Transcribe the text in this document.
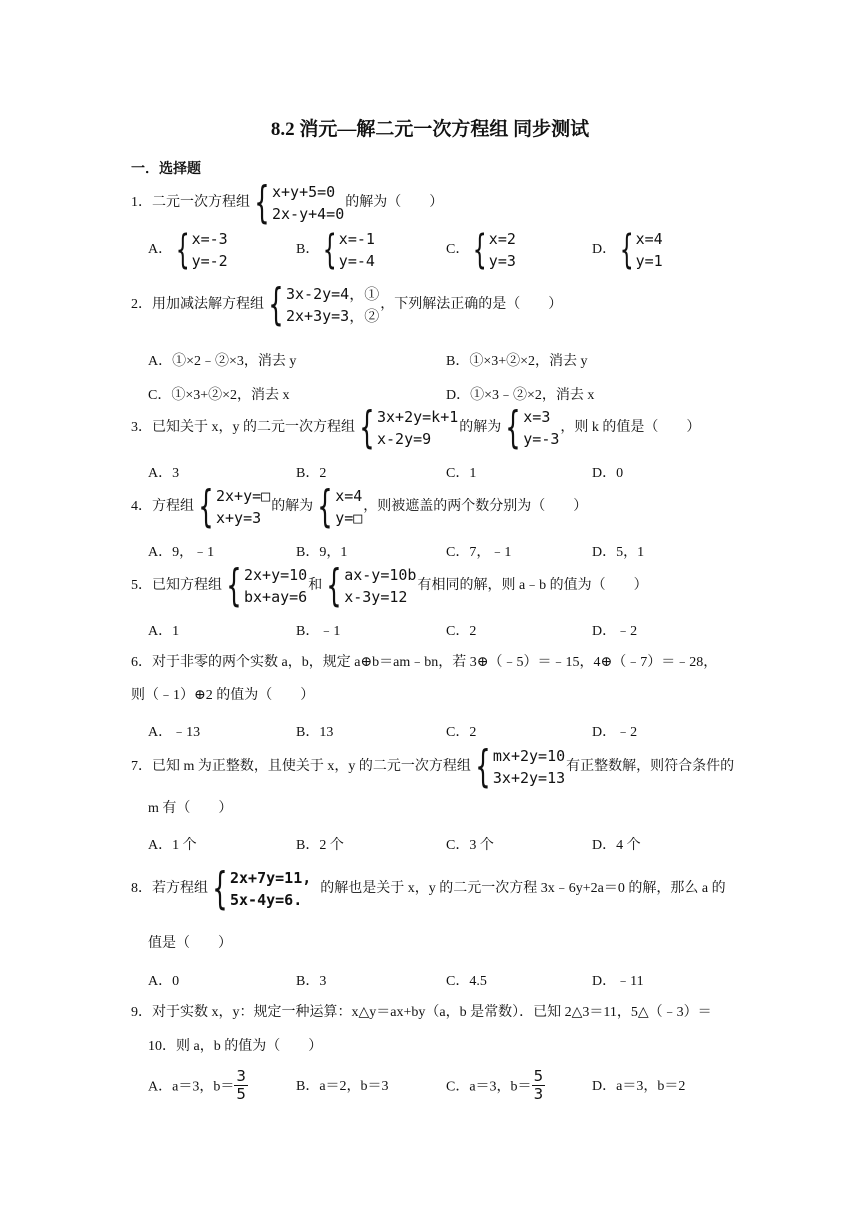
8.2 消元—解二元一次方程组 同步测试
一．选择题
1．二元一次方程组 { x+y+5=0
2x-y+4=0
的解为（　　）
A． { x=-3
y=-2
B． { x=-1
y=-4
C． { x=2
y=3
D． { x=4
y=1
2．用加减法解方程组 { 3x-2y=4，①
2x+3y=3，②
，下列解法正确的是（　　）
A．①×2﹣②×3，消去 y	B．①×3+②×2，消去 y
C．①×3+②×2，消去 x	D．①×3﹣②×2，消去 x
3．已知关于 x，y 的二元一次方程组 { 3x+2y=k+1
x-2y=9
的解为 { x=3
y=-3
，则 k 的值是（　　）
A．3	B．2	C．1	D．0
4．方程组 { 2x+y=□
x+y=3
的解为 { x=4
y=□
，则被遮盖的两个数分别为（　　）
A．9，﹣1	B．9，1	C．7，﹣1	D．5，1
5．已知方程组 { 2x+y=10
bx+ay=6
和 { ax-y=10b
x-3y=12
有相同的解，则 a﹣b 的值为（　　）
A．1	B．﹣1	C．2	D．﹣2
6．对于非零的两个实数 a，b，规定 a⊕b＝am﹣bn，若 3⊕（﹣5）＝﹣15，4⊕（﹣7）＝﹣28，
则（﹣1）⊕2 的值为（　　）
A．﹣13	B．13	C．2	D．﹣2
7．已知 m 为正整数，且使关于 x，y 的二元一次方程组 { mx+2y=10
3x+2y=13
有正整数解，则符合条件的
m 有（　　）
A．1 个	B．2 个	C．3 个	D．4 个
8．若方程组 { 2x+7y=11,
5x-4y=6.
的解也是关于 x，y 的二元一次方程 3x﹣6y+2a＝0 的解，那么 a 的
值是（　　）
A．0	B．3	C．4.5	D．﹣11
9．对于实数 x，y：规定一种运算：x△y＝ax+by（a，b 是常数）．已知 2△3＝11，5△（﹣3）＝
10．则 a，b 的值为（　　）
A．a＝3，$b= \frac{3}{5}$	B．a＝2，b＝3	C．a＝3，$b= \frac{5}{3}$	D．a＝3，b＝2
